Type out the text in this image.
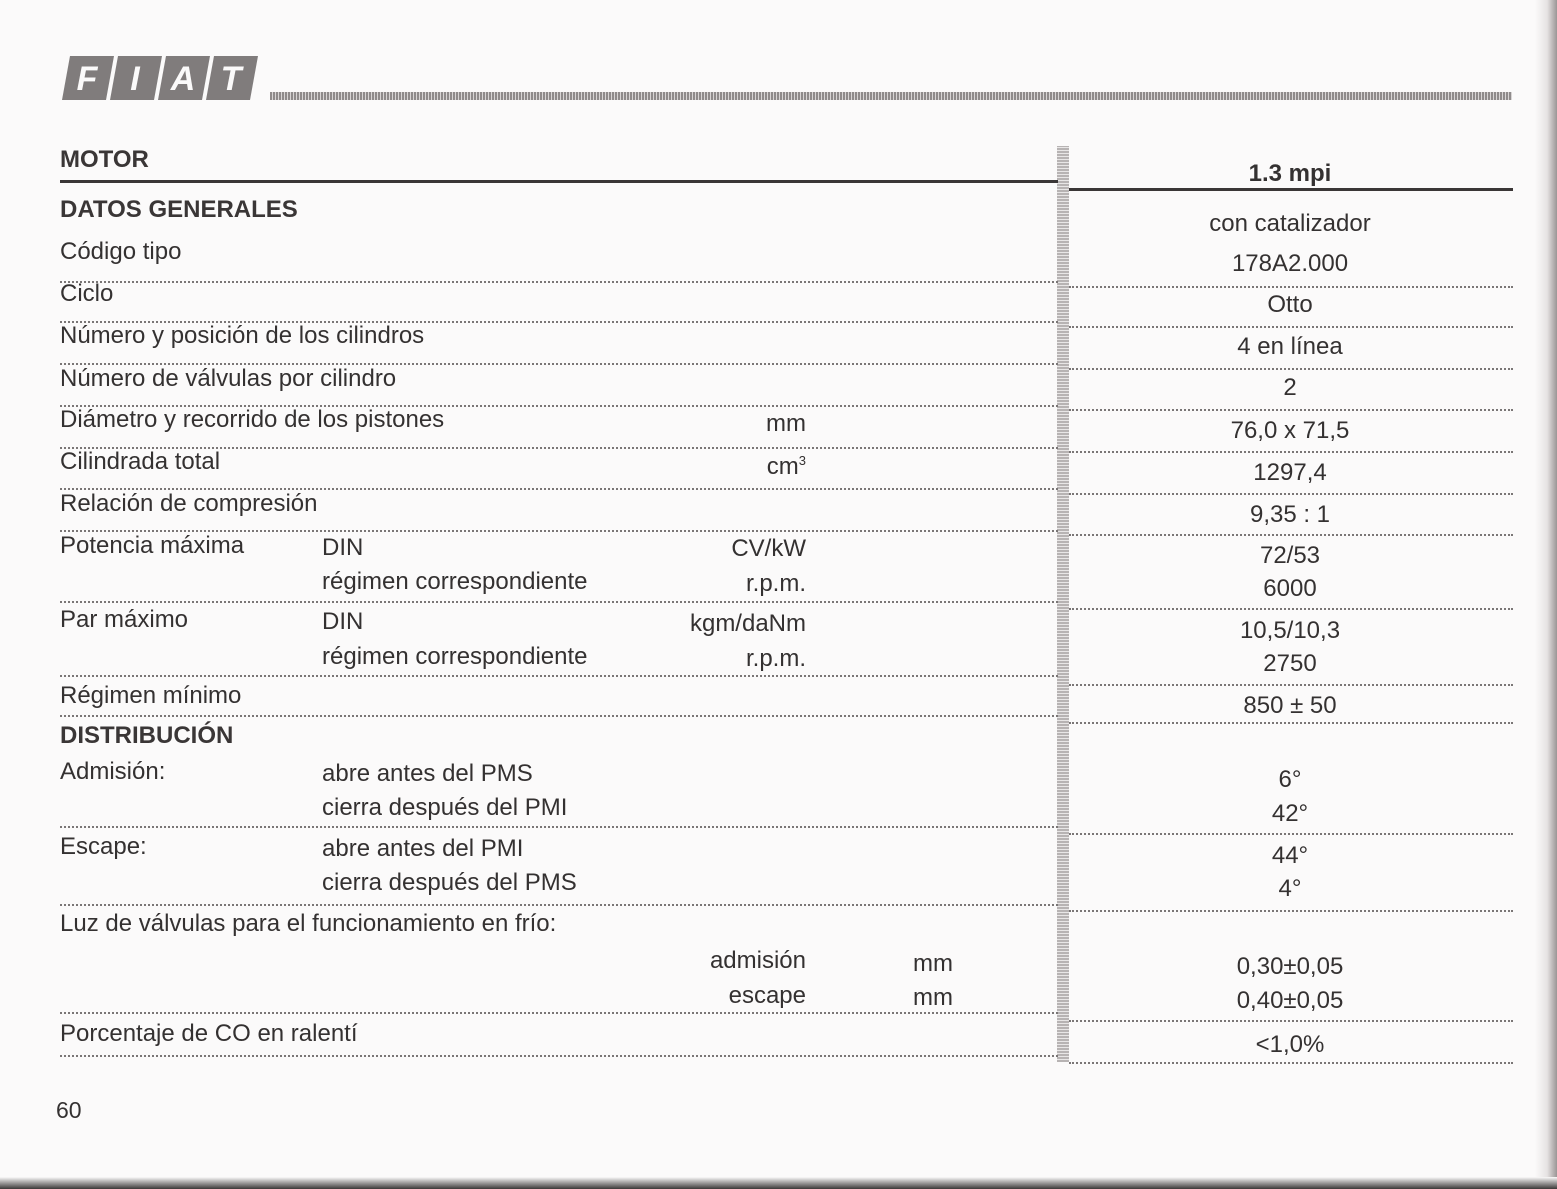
F I A T
MOTOR
1.3 mpi
DATOS GENERALES
con catalizador
Código tipo	178A2.000
Ciclo	Otto
Número y posición de los cilindros	4 en línea
Número de válvulas por cilindro	2
Diámetro y recorrido de los pistones	mm	76,0 x 71,5
Cilindrada total	$cm^3$	1297,4
Relación de compresión	9,35 : 1
Potencia máxima	DIN	CV/kW	72/53
régimen correspondiente	r.p.m.	6000
Par máximo	DIN	kgm/daNm	10,5/10,3
régimen correspondiente	r.p.m.	2750
Régimen mínimo	850 ± 50
DISTRIBUCIÓN
Admisión:	abre antes del PMS	6°
cierra después del PMI	42°
Escape:	abre antes del PMI	44°
cierra después del PMS	4°
Luz de válvulas para el funcionamiento en frío:
admisión	mm	0,30±0,05
escape	mm	0,40±0,05
Porcentaje de CO en ralentí	<1,0%
60
